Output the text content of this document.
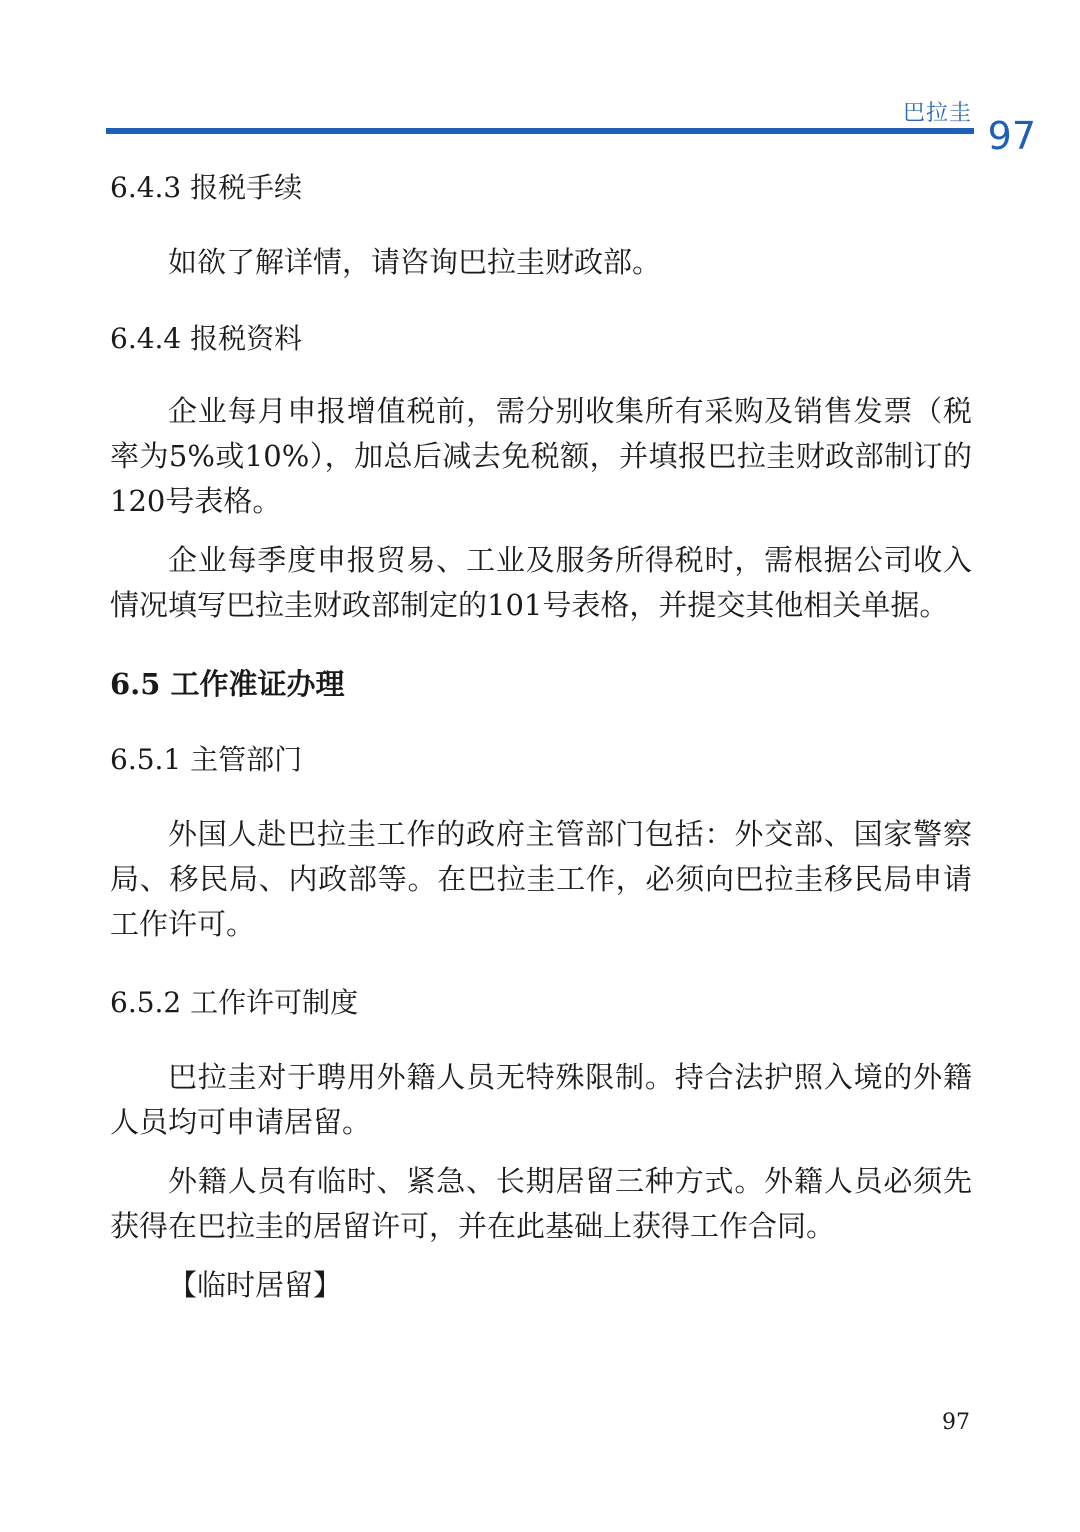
巴拉圭
97
6.4.3 报税手续
如欲了解详情，请咨询巴拉圭财政部。
6.4.4 报税资料
企业每月申报增值税前，需分别收集所有采购及销售发票（税率为5%或10%），加总后减去免税额，并填报巴拉圭财政部制订的120号表格。
企业每季度申报贸易、工业及服务所得税时，需根据公司收入情况填写巴拉圭财政部制定的101号表格，并提交其他相关单据。
6.5 工作准证办理
6.5.1 主管部门
外国人赴巴拉圭工作的政府主管部门包括：外交部、国家警察局、移民局、内政部等。在巴拉圭工作，必须向巴拉圭移民局申请工作许可。
6.5.2 工作许可制度
巴拉圭对于聘用外籍人员无特殊限制。持合法护照入境的外籍人员均可申请居留。
外籍人员有临时、紧急、长期居留三种方式。外籍人员必须先获得在巴拉圭的居留许可，并在此基础上获得工作合同。
【临时居留】
97
